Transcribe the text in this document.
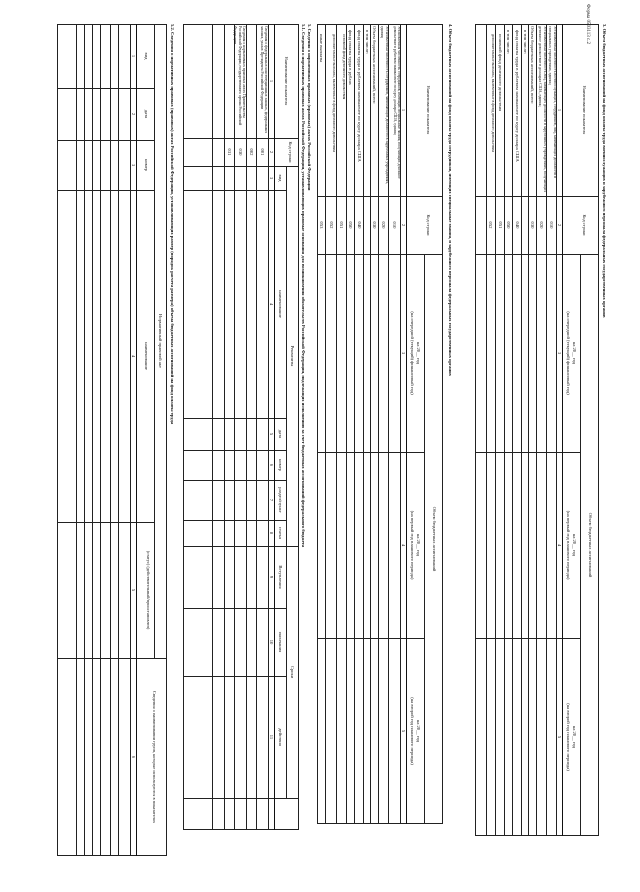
Форма 0503113 с.2	3. Объем бюджетных ассигнований на фонд оплаты труда военнослужащих и зарубежного персонала федеральных государственных органов
Наименование показателя
Код строки
Объем бюджетных ассигнований
на 20__ год
(на очередной (текущий) финансовый год)
на 20__ год
(на первый год планового периода)
на 20__ год
(на второй год планового периода)
1
2
3
4
5
Установленная численность военнослужащих, сотрудников, лиц, занимающих должности в специальных учреждениях, единиц
010
Установленная численность лиц, занимающих должности в зарубежных учреждениях, получающих денежное довольствие в долларах США, единиц
020
Объем бюджетных ассигнований, всего
030
в том числе:
фонд оплаты труда в рублевом эквиваленте по курсу доллара США
040
в том числе:
050
основной фонд денежного довольствия
051
дополнительные выплаты, включенные в фонд денежного довольствия
052
4. Объем бюджетных ассигнований на фонд оплаты труда сотрудников, имеющих специальные звания, и зарубежного персонала федеральных государственных органов
Наименование показателя
Код строки
Объем бюджетных ассигнований
на 20__ год
(на очередной (текущий) финансовый год)
на 20__ год
(на первый год планового периода)
на 20__ год
(на второй год планового периода)
1
2
3
4
5
Установленная численность сотрудников, имеющих специальные звания, получающих денежное довольствие в рублевом эквиваленте по курсу доллара США, единиц
010
Установленная численность сотрудников, занимающих должности в зарубежных учреждениях, единиц
020
Объем бюджетных ассигнований, всего
030
в том числе:
фонд оплаты труда в рублевом эквиваленте по курсу доллара США
040
фонд оплаты труда в рублях
050
основной фонд денежного довольствия
051
дополнительные выплаты, включенные в фонд денежного довольствия
052
иные выплаты
053
5. Сведения о нормативных правовых (правовых) актах Российской Федерации
5.1. Сведения о нормативных правовых актах Российской Федерации, устанавливающих правовые основания для возникновения обязательств Российской Федерации, подлежащих исполнению за счет бюджетных ассигнований федерального бюджета
Наименование показателя
Код строки
Реквизиты
вид
наименование
дата
номер
раздел/пункт
статья
Сроки
Вступления
окончания
действия
1
2
3
4
5
6
7
8
9
10
11
Сведения о федеральных конституционных законах, федеральных законах, указах Президента Российской Федерации
001
002
Сведения о нормативных правовых актах Правительства Российской Федерации, государственного органа Российской Федерации
030
031
5.2. Сведения о нормативных правовых (правовых) актах Российской Федерации, устанавливающих размер (порядок расчета размера) объема бюджетных ассигнований на фонд оплаты труда
Нормативный правовой акт
вид
дата
номер
наименование
(статус) (действительный/приостановлен)
Сведения о наименовании групп, которые используются в показателях
1
2
3
4
5
6
